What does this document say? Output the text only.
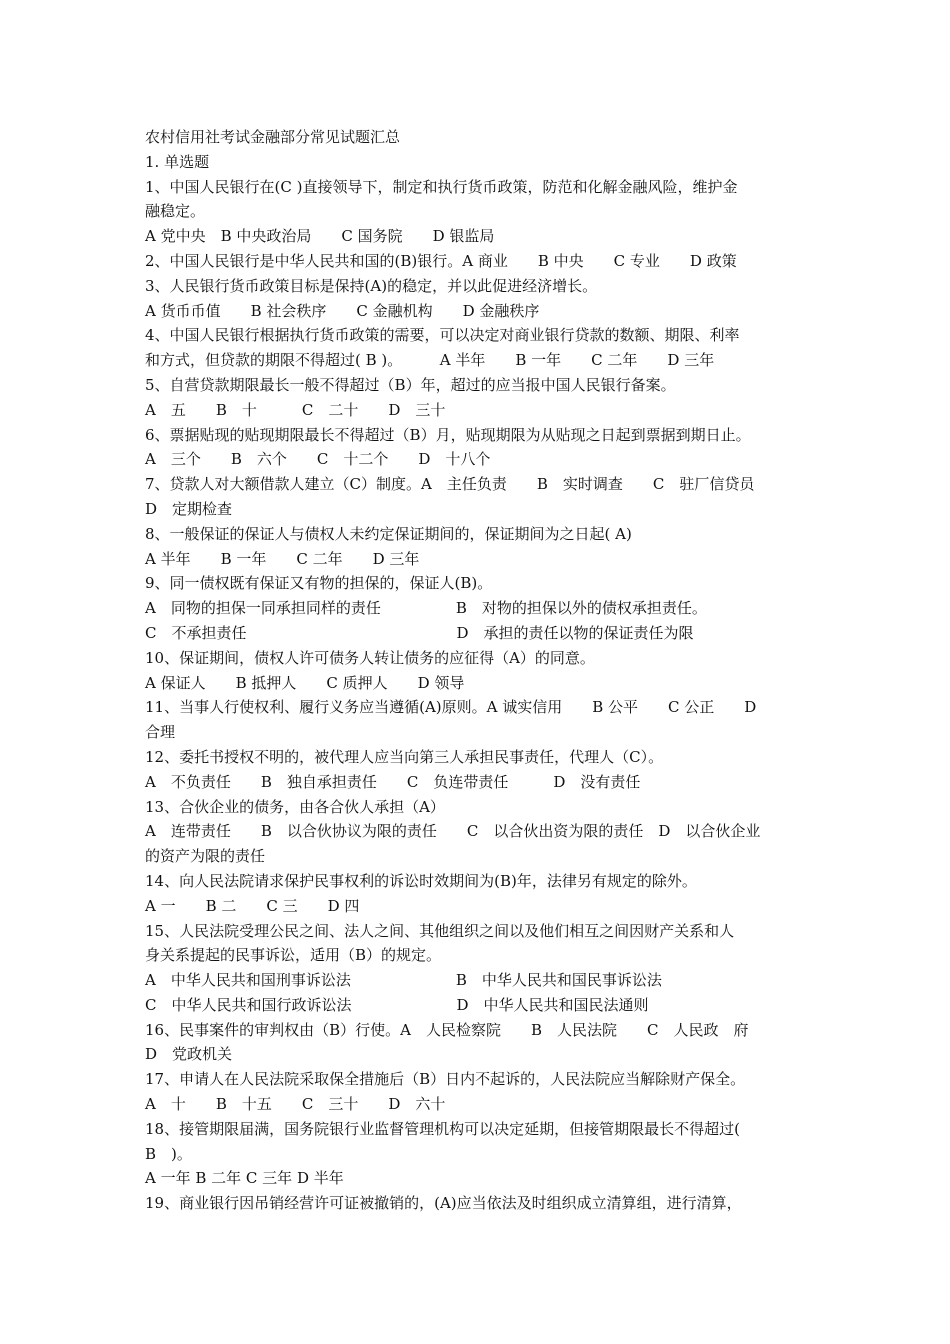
农村信用社考试金融部分常见试题汇总
1. 单选题
1、中国人民银行在(C )直接领导下，制定和执行货币政策，防范和化解金融风险，维护金
融稳定。
A 党中央　B 中央政治局　　C 国务院　　D 银监局
2、中国人民银行是中华人民共和国的(B)银行。A 商业　　B 中央　　C 专业　　D 政策
3、人民银行货币政策目标是保持(A)的稳定，并以此促进经济增长。
A 货币币值　　B 社会秩序　　C 金融机构　　D 金融秩序
4、中国人民银行根据执行货币政策的需要，可以决定对商业银行贷款的数额、期限、利率
和方式，但贷款的期限不得超过( B )。　　　A 半年　　B 一年　　C 二年　　D 三年
5、自营贷款期限最长一般不得超过（B）年，超过的应当报中国人民银行备案。
A　五　　B　十　　　C　二十　　D　三十
6、票据贴现的贴现期限最长不得超过（B）月，贴现期限为从贴现之日起到票据到期日止。
A　三个　　B　六个　　C　十二个　　D　十八个
7、贷款人对大额借款人建立（C）制度。A　主任负责　　B　实时调查　　C　驻厂信贷员
D　定期检查
8、一般保证的保证人与债权人未约定保证期间的，保证期间为之日起( A)
A 半年　　B 一年　　C 二年　　D 三年
9、同一债权既有保证又有物的担保的，保证人(B)。
A　同物的担保一同承担同样的责任　　　　　B　对物的担保以外的债权承担责任。
C　不承担责任　　　　　　　　　　　　　　D　承担的责任以物的保证责任为限
10、保证期间，债权人许可债务人转让债务的应征得（A）的同意。
A 保证人　　B 抵押人　　C 质押人　　D 领导
11、当事人行使权利、履行义务应当遵循(A)原则。A 诚实信用　　B 公平　　C 公正　　D
合理
12、委托书授权不明的，被代理人应当向第三人承担民事责任，代理人（C）。
A　不负责任　　B　独自承担责任　　C　负连带责任　　　D　没有责任
13、合伙企业的债务，由各合伙人承担（A）
A　连带责任　　B　以合伙协议为限的责任　　C　以合伙出资为限的责任　D　以合伙企业
的资产为限的责任
14、向人民法院请求保护民事权利的诉讼时效期间为(B)年，法律另有规定的除外。
A 一　　B 二　　C 三　　D 四
15、人民法院受理公民之间、法人之间、其他组织之间以及他们相互之间因财产关系和人
身关系提起的民事诉讼，适用（B）的规定。
A　中华人民共和国刑事诉讼法　　　　　　　B　中华人民共和国民事诉讼法
C　中华人民共和国行政诉讼法　　　　　　　D　中华人民共和国民法通则
16、民事案件的审判权由（B）行使。A　人民检察院　　B　人民法院　　C　人民政　府
D　党政机关
17、申请人在人民法院采取保全措施后（B）日内不起诉的，人民法院应当解除财产保全。
A　十　　B　十五　　C　三十　　D　六十
18、接管期限届满，国务院银行业监督管理机构可以决定延期，但接管期限最长不得超过(
B　)。
A 一年 B 二年 C 三年 D 半年
19、商业银行因吊销经营许可证被撤销的，(A)应当依法及时组织成立清算组，进行清算，
